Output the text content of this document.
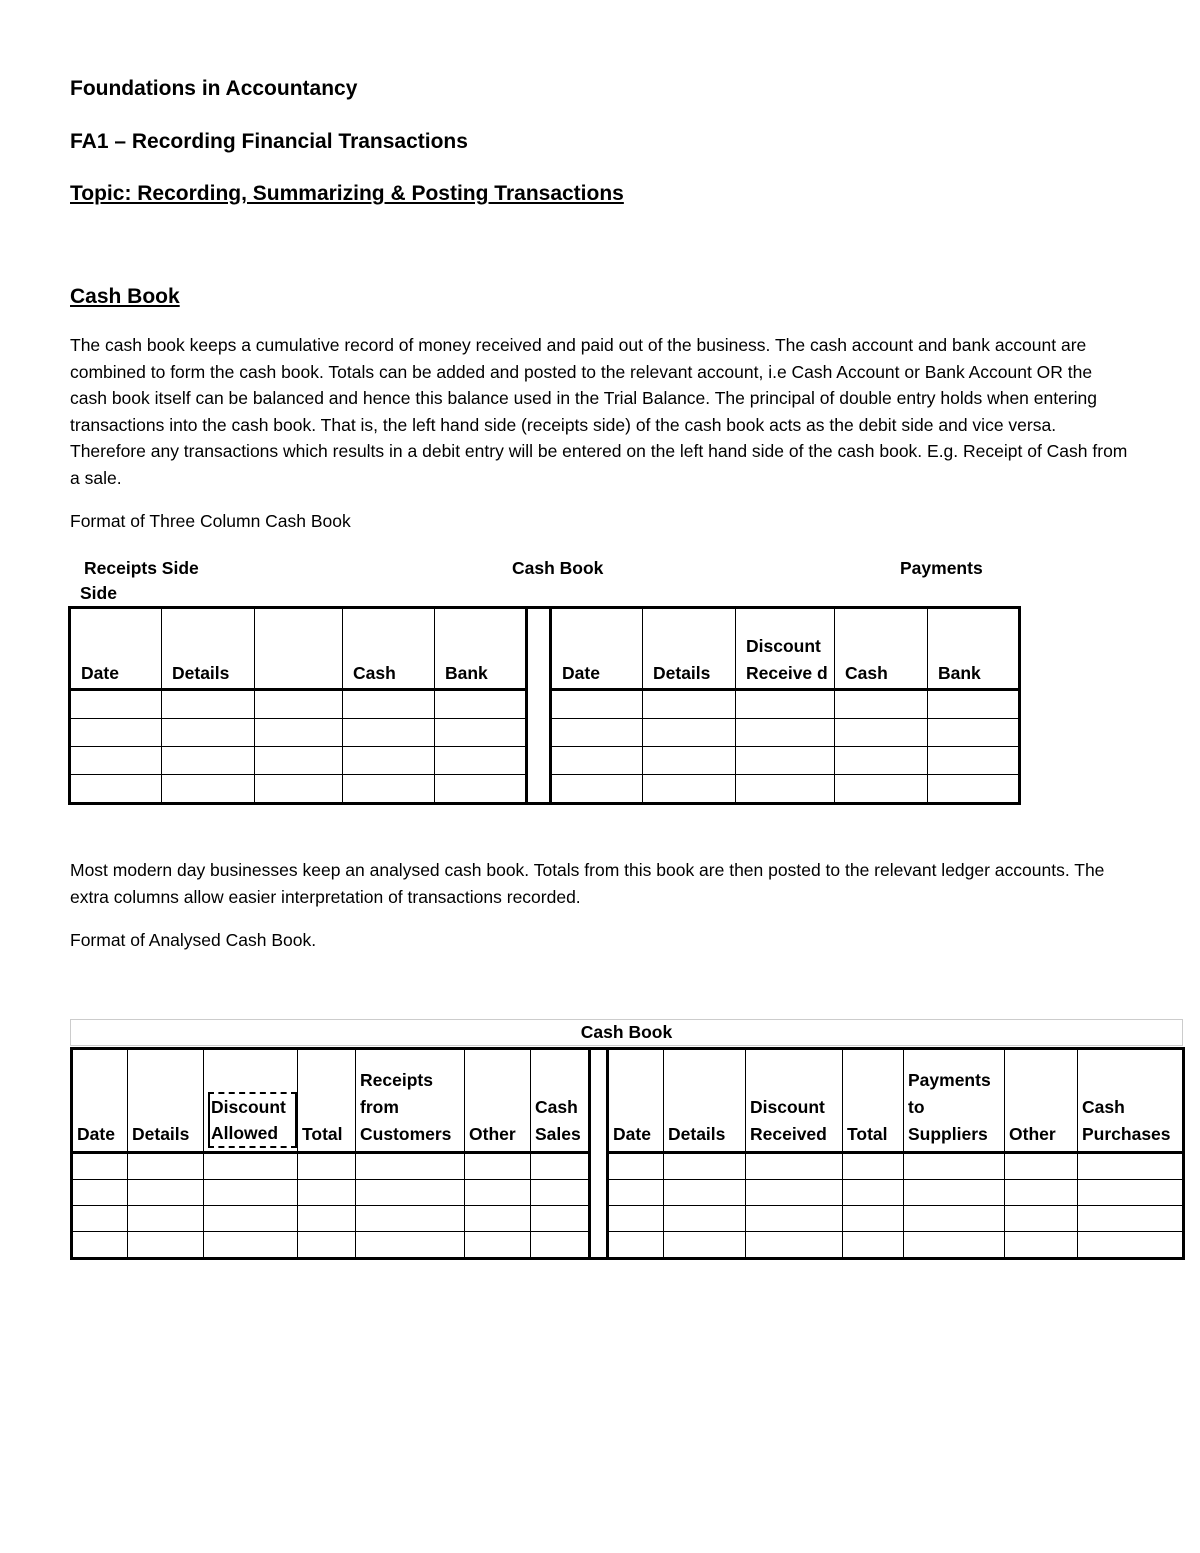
Foundations in Accountancy
FA1 – Recording Financial Transactions
Topic: Recording, Summarizing & Posting Transactions
Cash Book

The cash book keeps a cumulative record of money received and paid out of the business. The cash account and bank account are combined to form the cash book. Totals can be added and posted to the relevant account, i.e Cash Account or Bank Account OR the cash book itself can be balanced and hence this balance used in the Trial Balance. The principal of double entry holds when entering transactions into the cash book. That is, the left hand side (receipts side) of the cash book acts as the debit side and vice versa. Therefore any transactions which results in a debit entry will be entered on the left hand side of the cash book. E.g. Receipt of Cash from a sale.

Format of Three Column Cash Book
Receipts Side	Cash Book	Payments
Side
Date	Details		Cash	Bank		Date	Details	Discount Receive d	Cash	Bank

Most modern day businesses keep an analysed cash book. Totals from this book are then posted to the relevant ledger accounts. The extra columns allow easier interpretation of transactions recorded.

Format of Analysed Cash Book.
Cash Book
Date	Details	Discount Allowed	Total	Receipts from Customers	Other	Cash Sales		Date	Details	Discount Received	Total	Payments to Suppliers	Other	Cash Purchases
